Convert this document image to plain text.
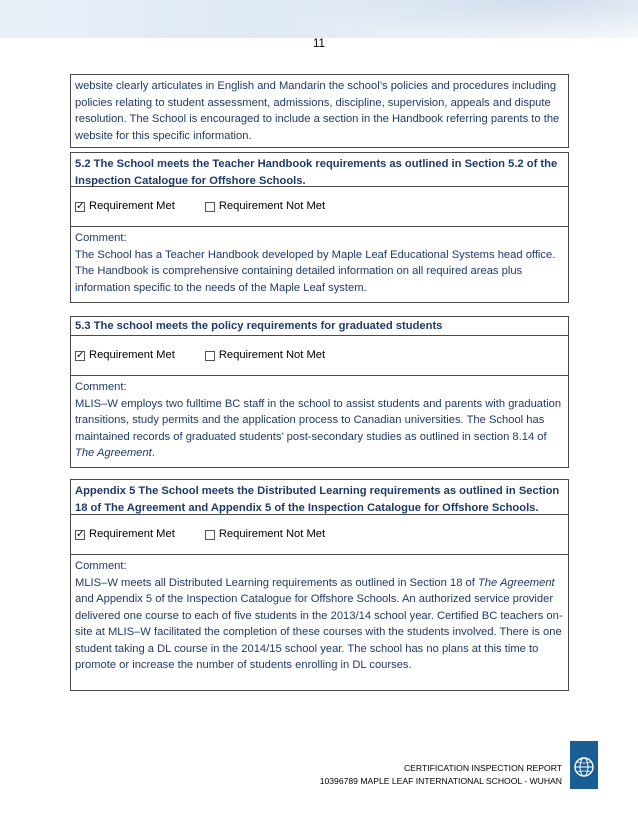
11
website clearly articulates in English and Mandarin the school’s policies and procedures including policies relating to student assessment, admissions, discipline, supervision, appeals and dispute resolution. The School is encouraged to include a section in the Handbook referring parents to the website for this specific information.
5.2 The School meets the Teacher Handbook requirements as outlined in Section 5.2 of the Inspection Catalogue for Offshore Schools.
✓
Requirement Met	Requirement Not Met
Comment:
The School has a Teacher Handbook developed by Maple Leaf Educational Systems head office. The Handbook is comprehensive containing detailed information on all required areas plus information specific to the needs of the Maple Leaf system.
5.3 The school meets the policy requirements for graduated students
✓
Requirement Met	Requirement Not Met
Comment:
MLIS–W employs two fulltime BC staff in the school to assist students and parents with graduation transitions, study permits and the application process to Canadian universities. The School has maintained records of graduated students’ post-secondary studies as outlined in section 8.14 of The Agreement.
Appendix 5 The School meets the Distributed Learning requirements as outlined in Section 18 of The Agreement and Appendix 5 of the Inspection Catalogue for Offshore Schools.
✓
Requirement Met	Requirement Not Met
Comment:
MLIS–W meets all Distributed Learning requirements as outlined in Section 18 of The Agreement and Appendix 5 of the Inspection Catalogue for Offshore Schools. An authorized service provider delivered one course to each of five students in the 2013/14 school year. Certified BC teachers on-site at MLIS–W facilitated the completion of these courses with the students involved. There is one student taking a DL course in the 2014/15 school year. The school has no plans at this time to promote or increase the number of students enrolling in DL courses.
CERTIFICATION INSPECTION REPORT
10396789 MAPLE LEAF INTERNATIONAL SCHOOL - WUHAN
